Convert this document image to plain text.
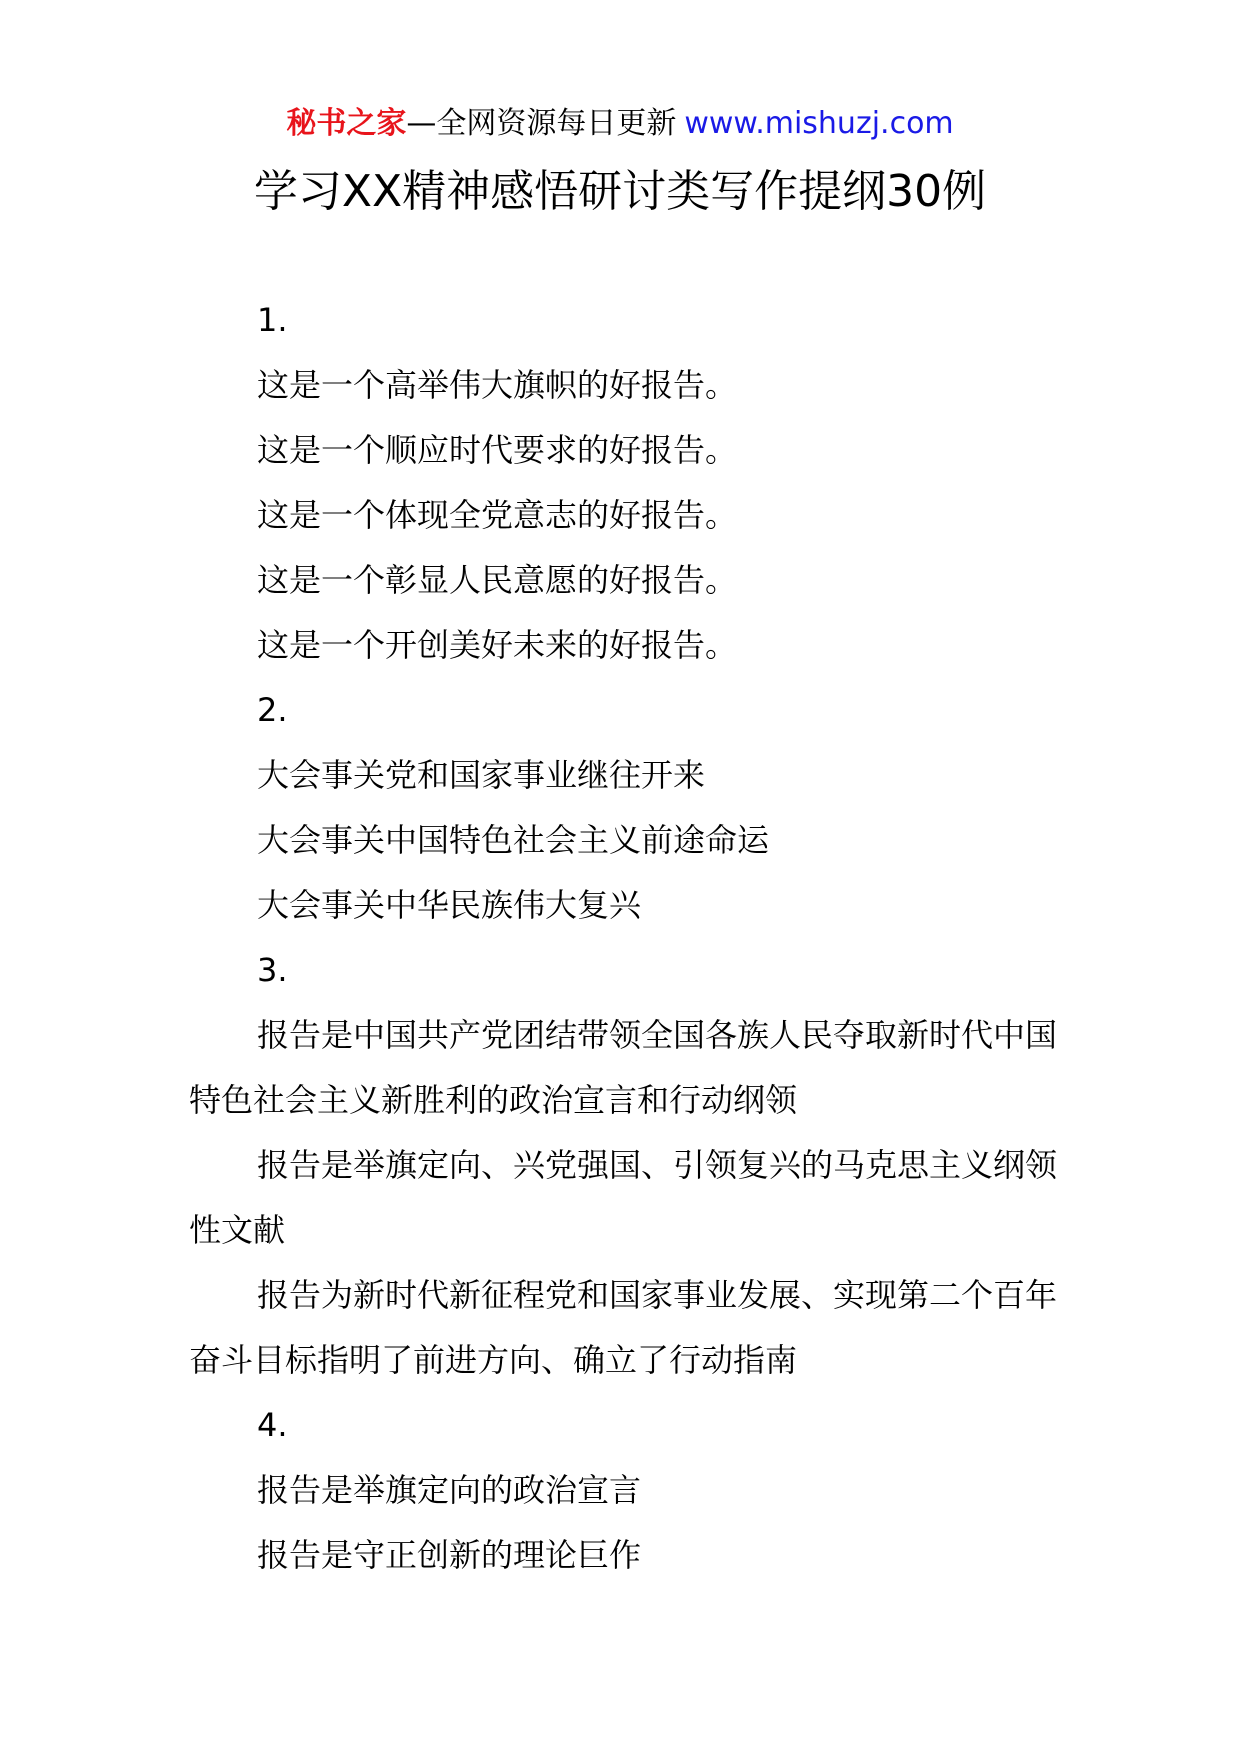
秘书之家—全网资源每日更新 www.mishuzj.com
学习XX精神感悟研讨类写作提纲30例

1.

这是一个高举伟大旗帜的好报告。

这是一个顺应时代要求的好报告。

这是一个体现全党意志的好报告。

这是一个彰显人民意愿的好报告。

这是一个开创美好未来的好报告。

2.

大会事关党和国家事业继往开来

大会事关中国特色社会主义前途命运

大会事关中华民族伟大复兴

3.

报告是中国共产党团结带领全国各族人民夺取新时代中国特色社会主义新胜利的政治宣言和行动纲领

报告是举旗定向、兴党强国、引领复兴的马克思主义纲领性文献

报告为新时代新征程党和国家事业发展、实现第二个百年奋斗目标指明了前进方向、确立了行动指南

4.

报告是举旗定向的政治宣言

报告是守正创新的理论巨作
